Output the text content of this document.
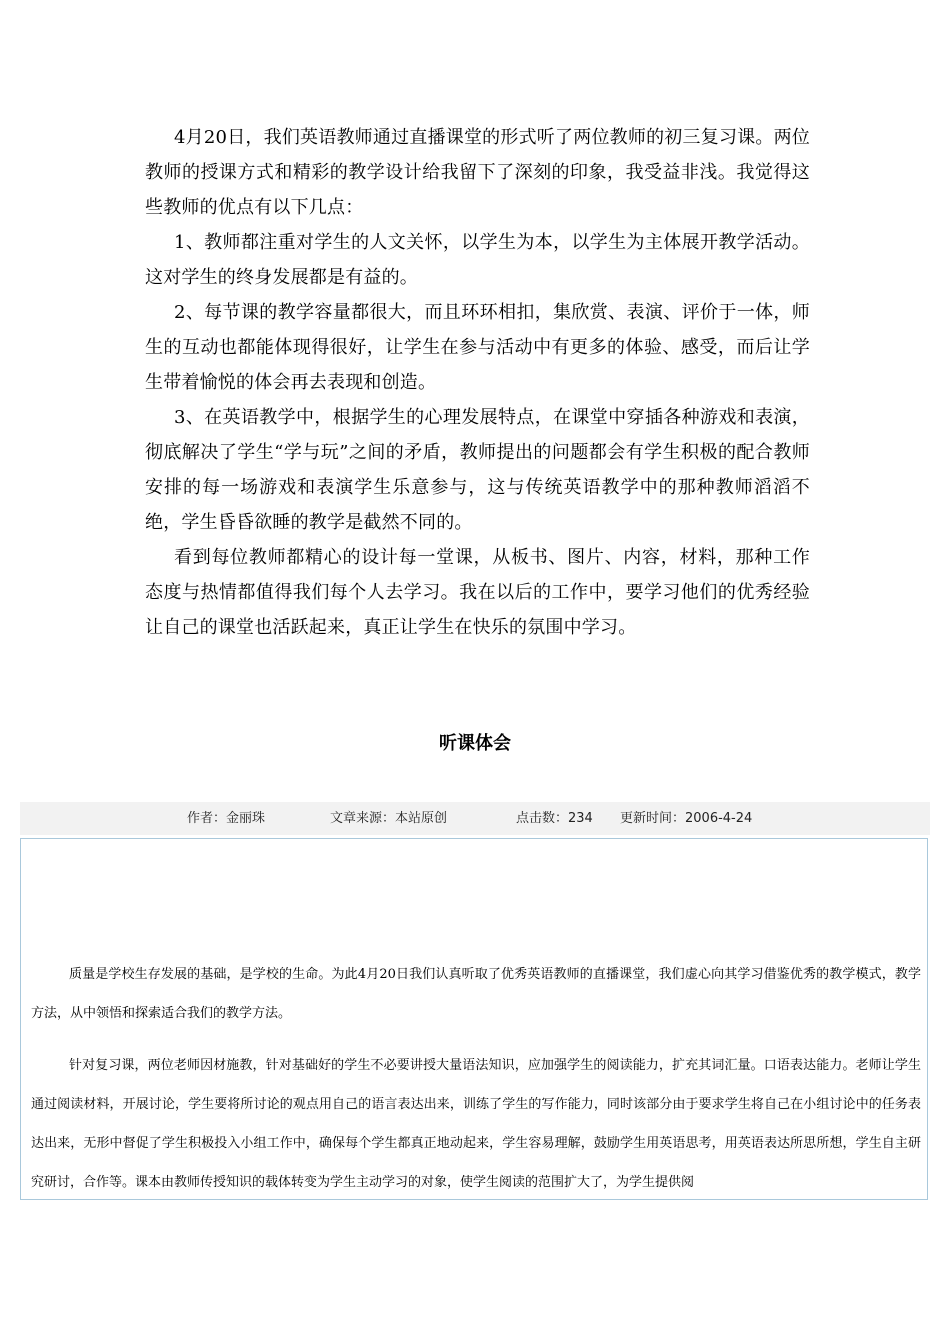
4月20日，我们英语教师通过直播课堂的形式听了两位教师的初三复习课。两位教师的授课方式和精彩的教学设计给我留下了深刻的印象，我受益非浅。我觉得这些教师的优点有以下几点：

1、教师都注重对学生的人文关怀，以学生为本，以学生为主体展开教学活动。这对学生的终身发展都是有益的。

2、每节课的教学容量都很大，而且环环相扣，集欣赏、表演、评价于一体，师生的互动也都能体现得很好，让学生在参与活动中有更多的体验、感受，而后让学生带着愉悦的体会再去表现和创造。

3、在英语教学中，根据学生的心理发展特点，在课堂中穿插各种游戏和表演，彻底解决了学生“学与玩”之间的矛盾，教师提出的问题都会有学生积极的配合教师安排的每一场游戏和表演学生乐意参与，这与传统英语教学中的那种教师滔滔不绝，学生昏昏欲睡的教学是截然不同的。

看到每位教师都精心的设计每一堂课，从板书、图片、内容，材料，那种工作态度与热情都值得我们每个人去学习。我在以后的工作中，要学习他们的优秀经验让自己的课堂也活跃起来，真正让学生在快乐的氛围中学习。

听课体会
作者：金丽珠	文章来源：本站原创	点击数：234 更新时间：2006-4-24

质量是学校生存发展的基础，是学校的生命。为此4月20日我们认真听取了优秀英语教师的直播课堂，我们虚心向其学习借鉴优秀的教学模式，教学方法，从中领悟和探索适合我们的教学方法。

针对复习课，两位老师因材施教，针对基础好的学生不必要讲授大量语法知识，应加强学生的阅读能力，扩充其词汇量。口语表达能力。老师让学生通过阅读材料，开展讨论，学生要将所讨论的观点用自己的语言表达出来，训练了学生的写作能力，同时该部分由于要求学生将自己在小组讨论中的任务表达出来，无形中督促了学生积极投入小组工作中，确保每个学生都真正地动起来，学生容易理解，鼓励学生用英语思考，用英语表达所思所想，学生自主研究研讨，合作等。课本由教师传授知识的载体转变为学生主动学习的对象，使学生阅读的范围扩大了，为学生提供阅
